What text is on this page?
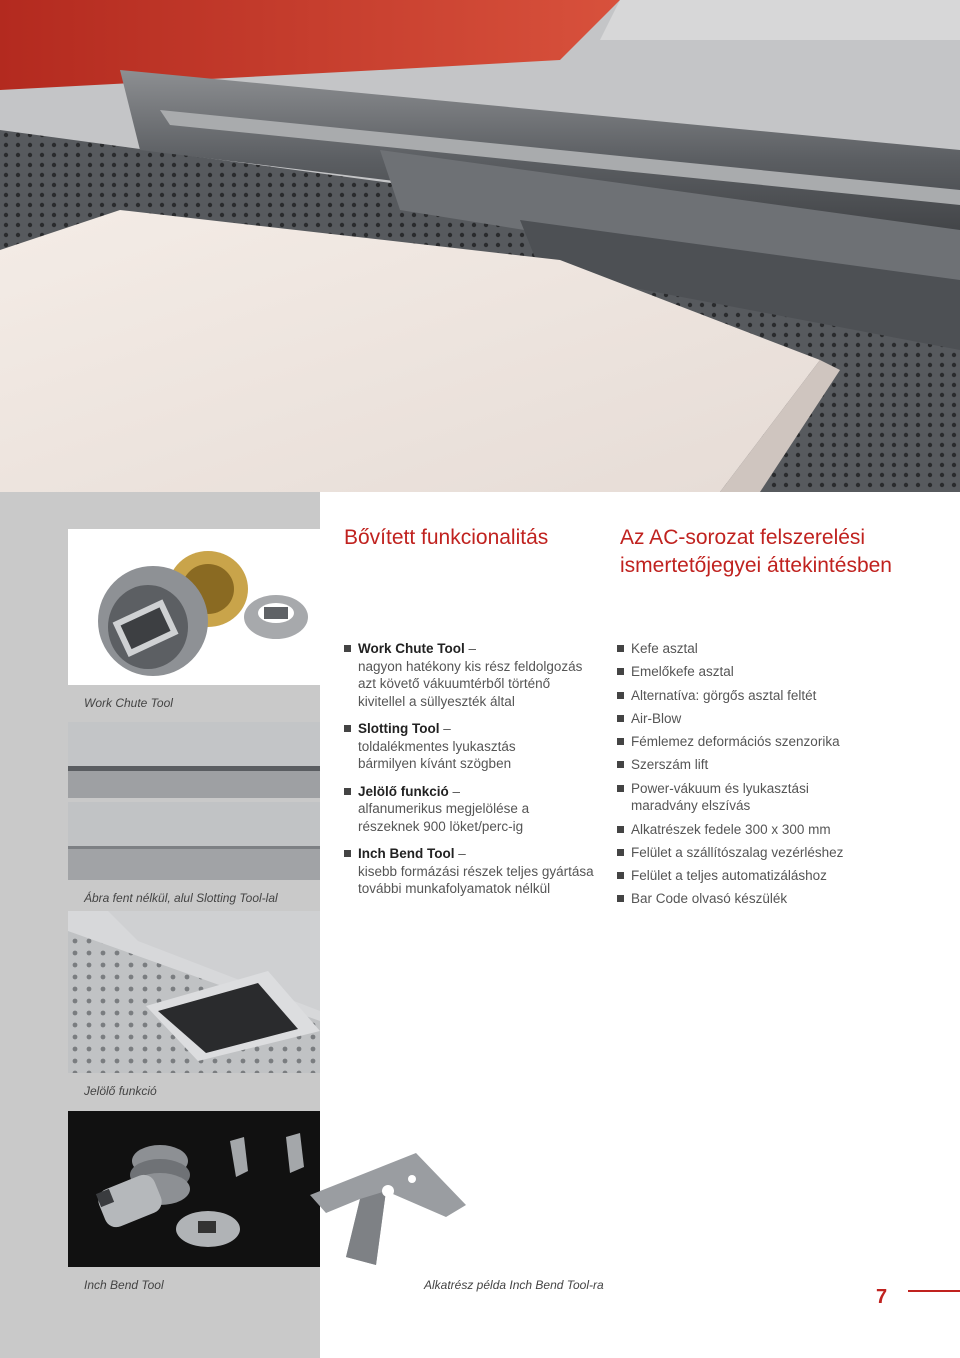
Work Chute Tool
Ábra fent nélkül, alul Slotting Tool-lal
Jelölő funkció
Inch Bend Tool	Alkatrész példa Inch Bend Tool-ra
Bővített funkcionalitás	Az AC-sorozat felszerelési
ismertetőjegyei áttekintésben
Work Chute Tool –
nagyon hatékony kis rész feldolgozás
azt követő vákuumtérből történő
kivitellel a süllyeszték által
Slotting Tool –
toldalékmentes lyukasztás
bármilyen kívánt szögben
Jelölő funkció –
alfanumerikus megjelölése a
részeknek 900 löket/perc-ig
Inch Bend Tool –
kisebb formázási részek teljes gyártása
további munkafolyamatok nélkül
Kefe asztal
Emelőkefe asztal
Alternatíva: görgős asztal feltét
Air-Blow
Fémlemez deformációs szenzorika
Szerszám lift
Power-vákuum és lyukasztási
maradvány elszívás
Alkatrészek fedele 300 x 300 mm
Felület a szállítószalag vezérléshez
Felület a teljes automatizáláshoz
Bar Code olvasó készülék
7
